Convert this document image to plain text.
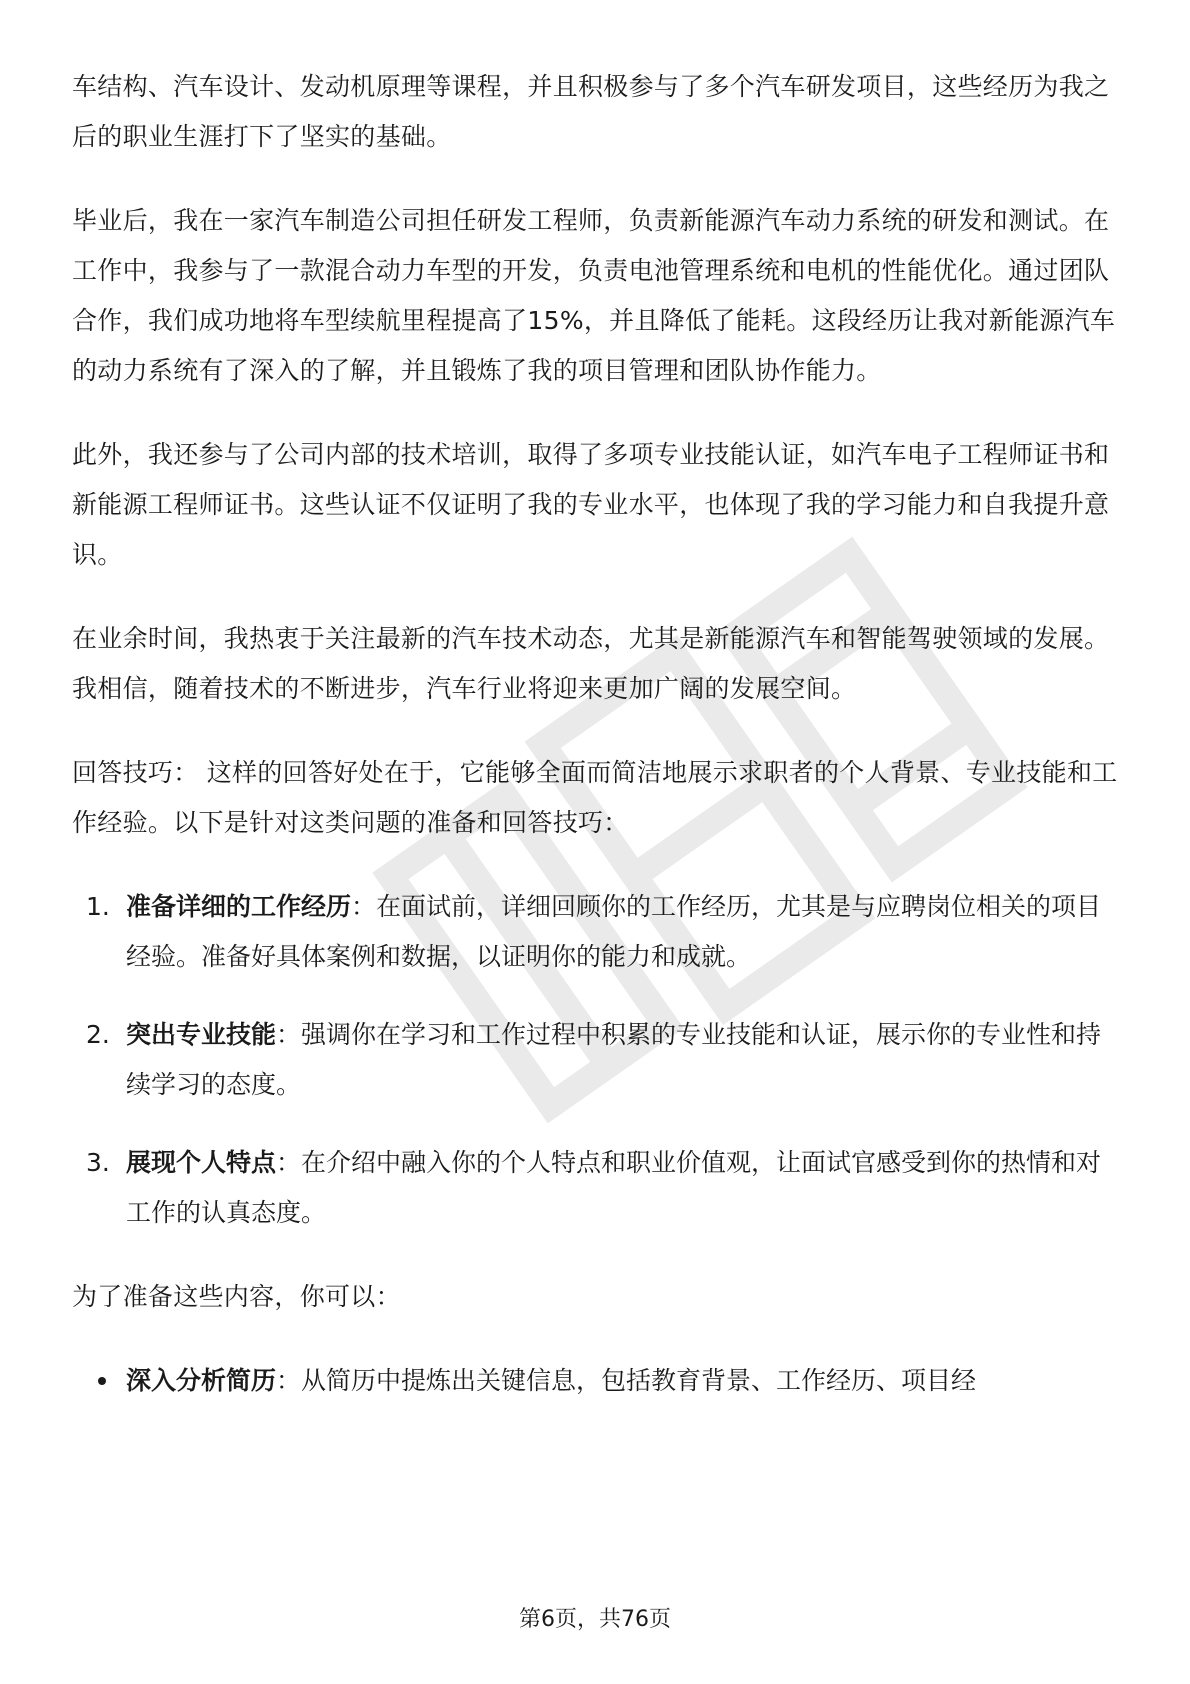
车结构、汽车设计、发动机原理等课程，并且积极参与了多个汽车研发项目，这些经历为我之后的职业生涯打下了坚实的基础。

毕业后，我在一家汽车制造公司担任研发工程师，负责新能源汽车动力系统的研发和测试。在工作中，我参与了一款混合动力车型的开发，负责电池管理系统和电机的性能优化。通过团队合作，我们成功地将车型续航里程提高了15%，并且降低了能耗。这段经历让我对新能源汽车的动力系统有了深入的了解，并且锻炼了我的项目管理和团队协作能力。

此外，我还参与了公司内部的技术培训，取得了多项专业技能认证，如汽车电子工程师证书和新能源工程师证书。这些认证不仅证明了我的专业水平，也体现了我的学习能力和自我提升意识。

在业余时间，我热衷于关注最新的汽车技术动态，尤其是新能源汽车和智能驾驶领域的发展。我相信，随着技术的不断进步，汽车行业将迎来更加广阔的发展空间。

回答技巧： 这样的回答好处在于，它能够全面而简洁地展示求职者的个人背景、专业技能和工作经验。以下是针对这类问题的准备和回答技巧：

1. 准备详细的工作经历：在面试前，详细回顾你的工作经历，尤其是与应聘岗位相关的项目经验。准备好具体案例和数据，以证明你的能力和成就。
2. 突出专业技能：强调你在学习和工作过程中积累的专业技能和认证，展示你的专业性和持续学习的态度。
3. 展现个人特点：在介绍中融入你的个人特点和职业价值观，让面试官感受到你的热情和对工作的认真态度。

为了准备这些内容，你可以：

深入分析简历：从简历中提炼出关键信息，包括教育背景、工作经历、项目经
第6页，共76页
